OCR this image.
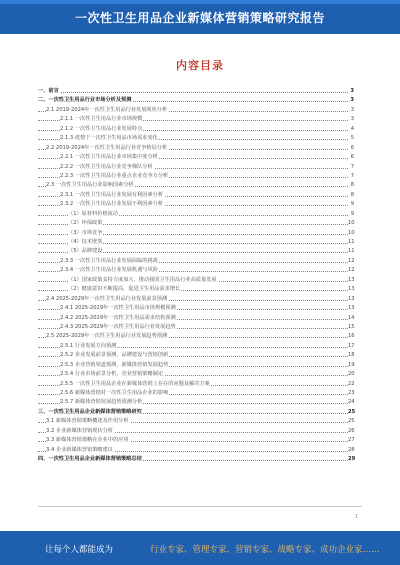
一次性卫生用品企业新媒体营销策略研究报告
内容目录
一、前言	3
二、一次性卫生用品行业市场分析及预测	3
2.1 2019-2024年一次性卫生用品行业发展现状分析	3
2.1.1 一次性卫生用品行业市场规模	3
2.1.2 一次性卫生用品行业发展特点	4
2.1.3 疫情下一次性卫生用品市场需求变化	5
2.2 2019-2024年一次性卫生用品行业竞争格局分析	6
2.2.1 一次性卫生用品行业市场集中度分析	6
2.2.2 一次性卫生用品行业竞争梯队分析	7
2.2.3 一次性卫生用品行业重点企业竞争力分析	7
2.3 一次性卫生用品行业影响因素分析	8
2.3.1 一次性卫生用品行业发展有利因素分析	8
2.3.2 一次性卫生用品行业发展不利因素分析	9
（1）原材料价格波动	9
（2）环保政策	10
（3）市场竞争	10
（4）技术壁垒	11
（5）品牌建设	11
2.3.3 一次性卫生用品行业发展面临的挑战	12
2.3.4 一次性卫生用品行业发展机遇与风险	12
（1）国家政策支持力度加大，推动我国卫生用品行业高质量发展	13
（2）健康意识不断提高，促进卫生用品需求增长	13
2.4 2025-2029年一次性卫生用品行业发展前景预测	13
2.4.1 2025-2029年一次性卫生用品市场规模预测	13
2.4.2 2025-2029年一次性卫生用品需求结构预测	14
2.4.3 2025-2029年一次性卫生用品行业发展趋势	15
2.5 2025-2029年一次性卫生用品行业发展趋势预测	16
2.5.1 行业发展方向预测	17
2.5.2 企业发展前景预测，品牌建设与营销创新	18
2.5.3 企业营销渠道预测，新媒体营销发展趋势	19
2.5.4 行业市场前景分析，企业营销策略制定	20
2.5.5 一次性卫生用品企业在新媒体营销上存在的问题及解决方案	22
2.5.6 新媒体营销对一次性卫生用品企业的影响	23
2.5.7 新媒体营销发展趋势预测分析	24
三、一次性卫生用品企业新媒体营销策略研究	25
3.1 新媒体营销策略概述及作用分析	25
3.2 企业新媒体营销现状分析	26
3.3 新媒体营销策略在企业中的应用	27
3.4 企业新媒体营销策略建议	28
四、一次性卫生用品企业新媒体营销策略总结	29
1
让每个人都能成为	行业专家、管理专家、营销专家、战略专家、成功企业家……
